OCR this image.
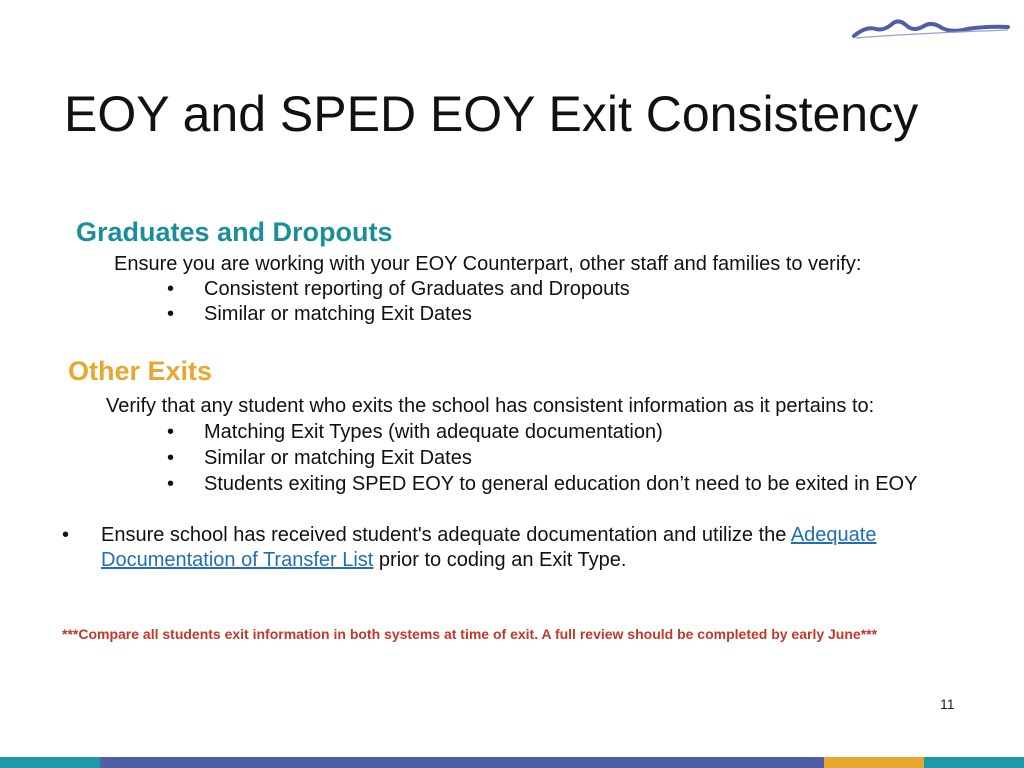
EOY and SPED EOY Exit Consistency
Graduates and Dropouts
Ensure you are working with your EOY Counterpart, other staff and families to verify:
• Consistent reporting of Graduates and Dropouts
• Similar or matching Exit Dates
Other Exits
Verify that any student who exits the school has consistent information as it pertains to:
• Matching Exit Types (with adequate documentation)
• Similar or matching Exit Dates
• Students exiting SPED EOY to general education don’t need to be exited in EOY
• Ensure school has received student's adequate documentation and utilize the Adequate
Documentation of Transfer List prior to coding an Exit Type.
***Compare all students exit information in both systems at time of exit. A full review should be completed by early June***
11
